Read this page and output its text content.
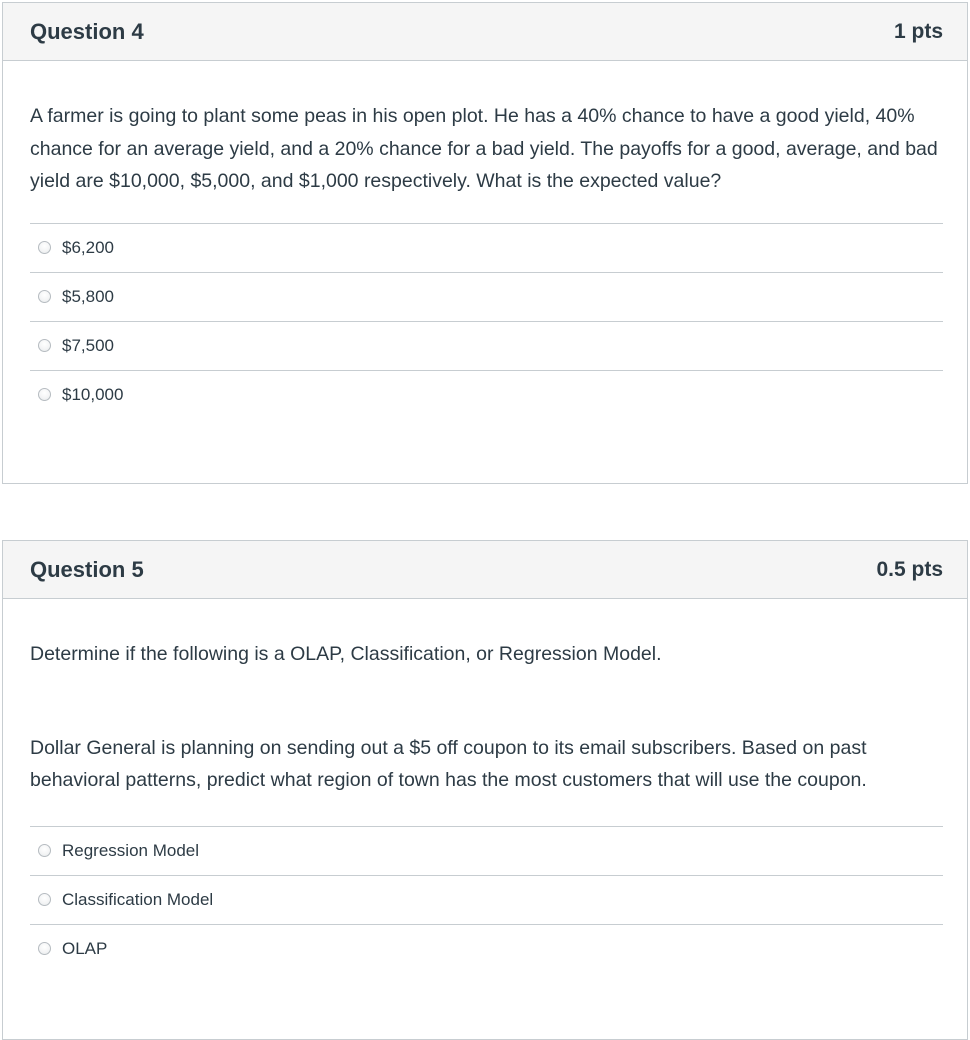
Question 4	1 pts
A farmer is going to plant some peas in his open plot. He has a 40% chance to have a good yield, 40% chance for an average yield, and a 20% chance for a bad yield. The payoffs for a good, average, and bad yield are $10,000, $5,000, and $1,000 respectively. What is the expected value?
$6,200
$5,800
$7,500
$10,000
Question 5	0.5 pts
Determine if the following is a OLAP, Classification, or Regression Model.
Dollar General is planning on sending out a $5 off coupon to its email subscribers. Based on past behavioral patterns, predict what region of town has the most customers that will use the coupon.
Regression Model
Classification Model
OLAP
